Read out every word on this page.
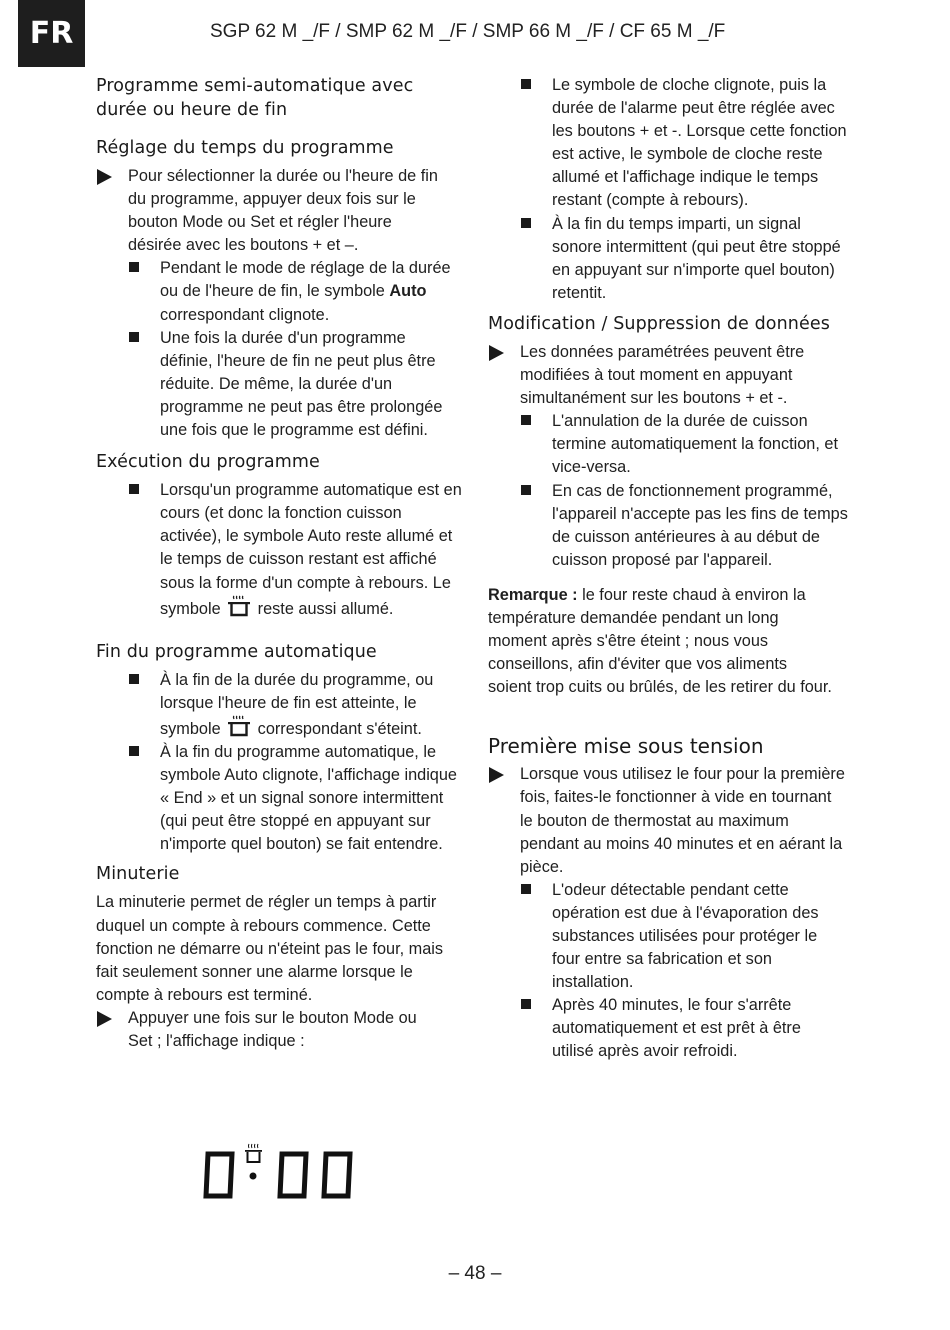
FR	SGP 62 M _/F / SMP 62 M _/F / SMP 66 M _/F / CF 65 M _/F
Programme semi-automatique avec durée ou heure de fin
Réglage du temps du programme
Pour sélectionner la durée ou l'heure de fin du programme, appuyer deux fois sur le bouton Mode ou Set et régler l'heure désirée avec les boutons + et –.
Pendant le mode de réglage de la durée ou de l'heure de fin, le symbole Auto correspondant clignote.
Une fois la durée d'un programme définie, l'heure de fin ne peut plus être réduite. De même, la durée d'un programme ne peut pas être prolongée une fois que le programme est défini.
Exécution du programme
Lorsqu'un programme automatique est en cours (et donc la fonction cuisson activée), le symbole Auto reste allumé et le temps de cuisson restant est affiché sous la forme d'un compte à rebours. Le symbole  reste aussi allumé.
Fin du programme automatique
À la fin de la durée du programme, ou lorsque l'heure de fin est atteinte, le symbole  correspondant s'éteint.
À la fin du programme automatique, le symbole Auto clignote, l'affichage indique « End » et un signal sonore intermittent (qui peut être stoppé en appuyant sur n'importe quel bouton) se fait entendre.
Minuterie

La minuterie permet de régler un temps à partir duquel un compte à rebours commence. Cette fonction ne démarre ou n'éteint pas le four, mais fait seulement sonner une alarme lorsque le compte à rebours est terminé.

Appuyer une fois sur le bouton Mode ou Set ; l'affichage indique :
Le symbole de cloche clignote, puis la durée de l'alarme peut être réglée avec les boutons + et -. Lorsque cette fonction est active, le symbole de cloche reste allumé et l'affichage indique le temps restant (compte à rebours).
À la fin du temps imparti, un signal sonore intermittent (qui peut être stoppé en appuyant sur n'importe quel bouton) retentit.
Modification / Suppression de données
Les données paramétrées peuvent être modifiées à tout moment en appuyant simultanément sur les boutons + et -.
L'annulation de la durée de cuisson termine automatiquement la fonction, et vice-versa.
En cas de fonctionnement programmé, l'appareil n'accepte pas les fins de temps de cuisson antérieures à au début de cuisson proposé par l'appareil.

Remarque : le four reste chaud à environ la température demandée pendant un long moment après s'être éteint ; nous vous conseillons, afin d'éviter que vos aliments soient trop cuits ou brûlés, de les retirer du four.

Première mise sous tension
Lorsque vous utilisez le four pour la première fois, faites-le fonctionner à vide en tournant le bouton de thermostat au maximum pendant au moins 40 minutes et en aérant la pièce.
L'odeur détectable pendant cette opération est due à l'évaporation des substances utilisées pour protéger le four entre sa fabrication et son installation.
Après 40 minutes, le four s'arrête automatiquement et est prêt à être utilisé après avoir refroidi.
– 48 –
